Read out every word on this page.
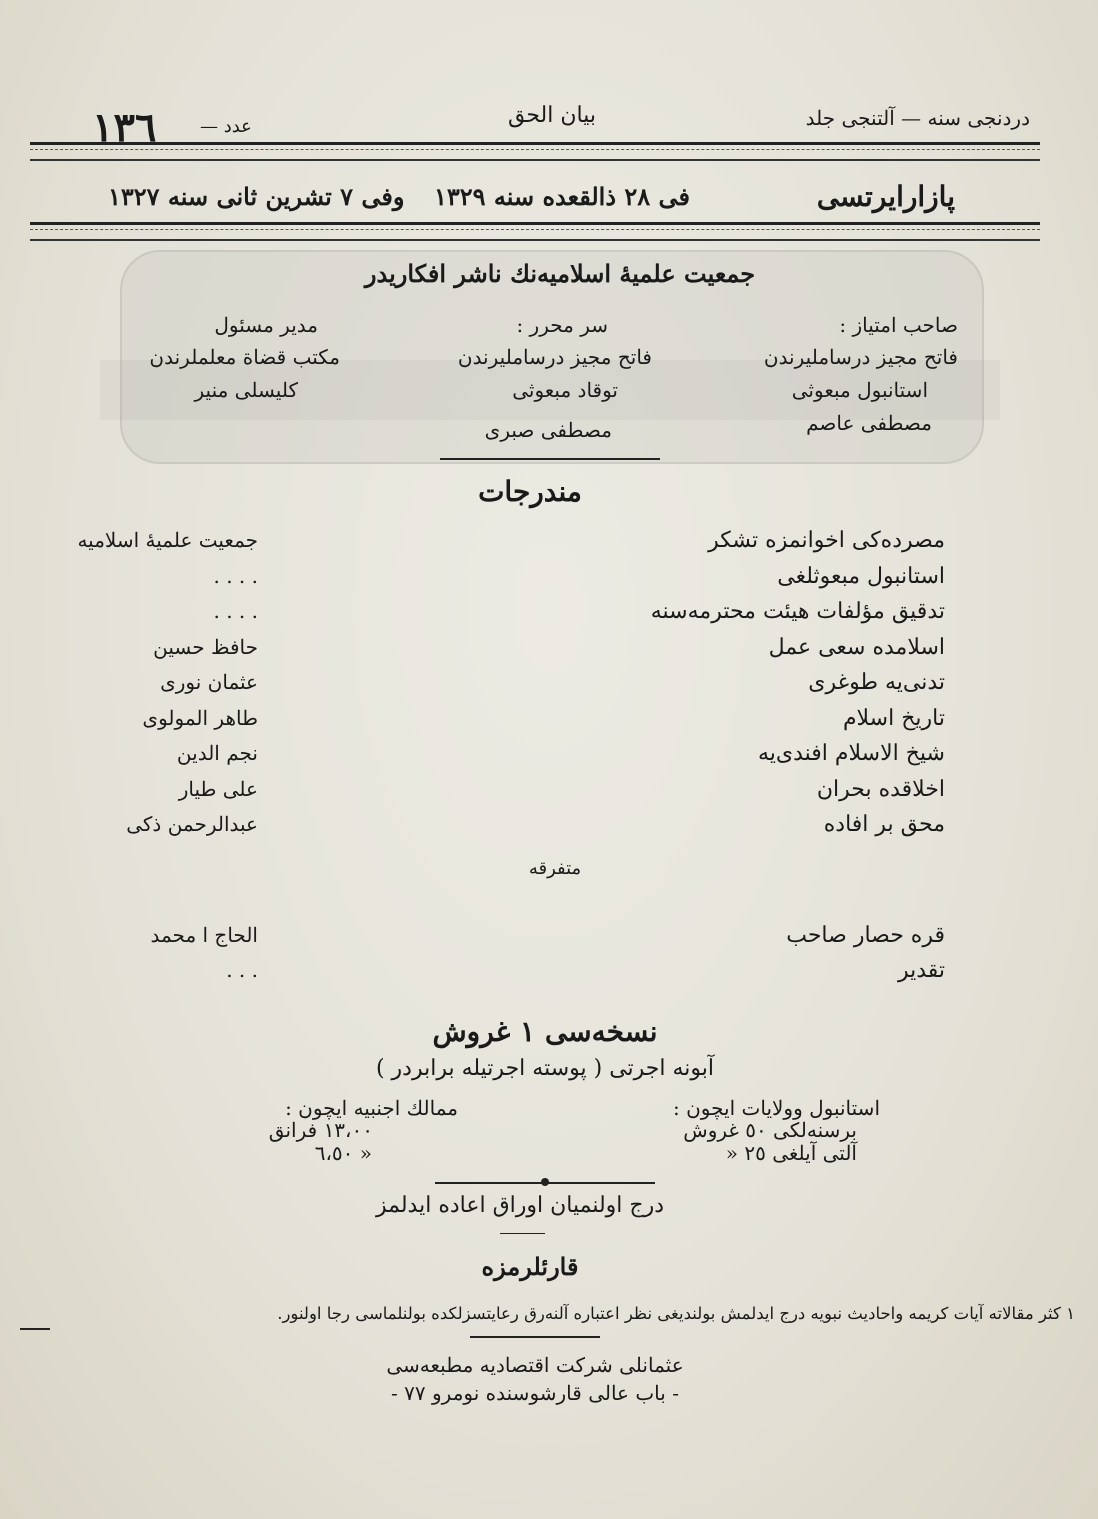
دردنجی سنه — آلتنجی جلد
بيان الحق
عدد —
١٣٦
پازارايرتسی
فی ٢٨ ذالقعده سنه ١٣٢٩
وفی ٧ تشرين ثانی سنه ١٣٢٧
جمعيت علميهٔ اسلاميه‌نك ناشر افكاريدر
صاحب امتياز :
فاتح مجيز درسامليرندن
استانبول مبعوثی
مصطفی عاصم
سر محرر :
فاتح مجيز درسامليرندن
توقاد مبعوثی
مصطفی صبری
مدير مسئول
مكتب قضاة معلملرندن
كليسلی منير
مندرجات
مصرده‌كی اخوانمزه تشكر
جمعيت علميهٔ اسلاميه
استانبول مبعوثلغی
. . . .
تدقيق مؤلفات هيئت محترمه‌سنه
. . . .
اسلامده سعی عمل
حافظ حسين
تدنی‌يه طوغری
عثمان نوری
تاريخ اسلام
طاهر المولوی
شيخ الاسلام افندی‌يه
نجم الدين
اخلاقده بحران
علی طيار
محق بر افاده
عبدالرحمن ذكی
متفرقه
قره حصار صاحب
الحاج ا محمد
تقدير
. . .
نسخه‌سی ١ غروش
آبونه اجرتی ( پوسته اجرتيله برابردر )
استانبول وولايات ايچون :
برسنه‌لكی ٥٠ غروش
آلتی آيلغی ٢٥ «
ممالك اجنبيه ايچون :
١٣،٠٠ فرانق
« ٦،٥٠
درج اولنميان اوراق اعاده ايدلمز
قارئلرمزه
١ كثر مقالاته آيات كريمه واحاديث نبويه درج ايدلمش بولنديغی نظر اعتباره آلنه‌رق رعايتسزلكده بولنلماسی رجا اولنور.
عثمانلی شركت اقتصاديه مطبعه‌سی
- باب عالی قارشوسنده نومرو ٧٧ -
